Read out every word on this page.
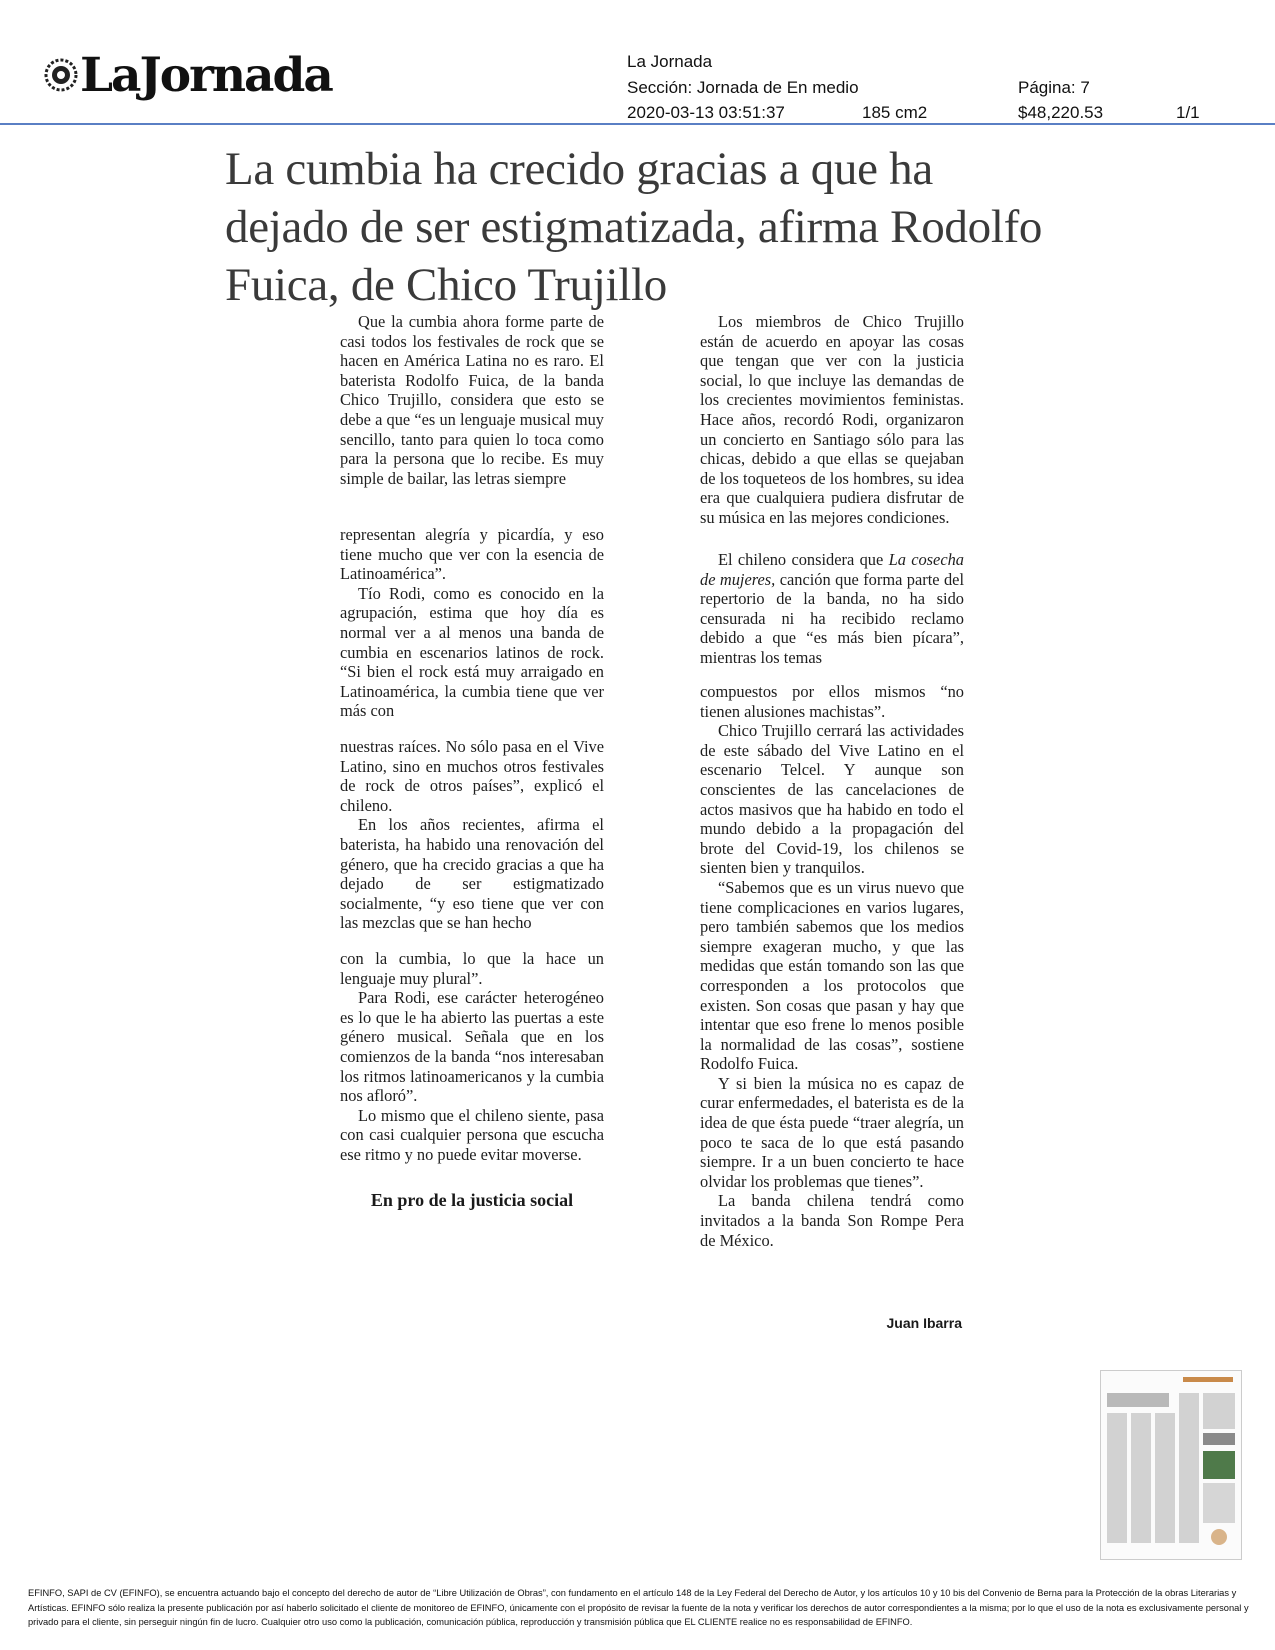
LaJornada	La Jornada
Sección: Jornada de En medio	Página: 7
2020-03-13 03:51:37	185 cm2	$48,220.53	1/1
La cumbia ha crecido gracias a que ha dejado de ser estigmatizada, afirma Rodolfo Fuica, de Chico Trujillo

Que la cumbia ahora forme parte de casi todos los festivales de rock que se hacen en América Latina no es raro. El baterista Rodolfo Fuica, de la banda Chico Trujillo, considera que esto se debe a que “es un lenguaje musical muy sencillo, tanto para quien lo toca como para la persona que lo recibe. Es muy simple de bailar, las letras siempre

representan alegría y picardía, y eso tiene mucho que ver con la esencia de Latinoamérica”.

Tío Rodi, como es conocido en la agrupación, estima que hoy día es normal ver a al menos una banda de cumbia en escenarios latinos de rock. “Si bien el rock está muy arraigado en Latinoamérica, la cumbia tiene que ver más con

nuestras raíces. No sólo pasa en el Vive Latino, sino en muchos otros festivales de rock de otros países”, explicó el chileno.

En los años recientes, afirma el baterista, ha habido una renovación del género, que ha crecido gracias a que ha dejado de ser estigmatizado socialmente, “y eso tiene que ver con las mezclas que se han hecho

con la cumbia, lo que la hace un lenguaje muy plural”.

Para Rodi, ese carácter heterogéneo es lo que le ha abierto las puertas a este género musical. Señala que en los comienzos de la banda “nos interesaban los ritmos latinoamericanos y la cumbia nos afloró”.

Lo mismo que el chileno siente, pasa con casi cualquier persona que escucha ese ritmo y no puede evitar moverse.

En pro de la justicia social

Los miembros de Chico Trujillo están de acuerdo en apoyar las cosas que tengan que ver con la justicia social, lo que incluye las demandas de los crecientes movimientos feministas. Hace años, recordó Rodi, organizaron un concierto en Santiago sólo para las chicas, debido a que ellas se quejaban de los toqueteos de los hombres, su idea era que cualquiera pudiera disfrutar de su música en las mejores condiciones.

El chileno considera que La cosecha de mujeres, canción que forma parte del repertorio de la banda, no ha sido censurada ni ha recibido reclamo debido a que “es más bien pícara”, mientras los temas

compuestos por ellos mismos “no tienen alusiones machistas”.

Chico Trujillo cerrará las actividades de este sábado del Vive Latino en el escenario Telcel. Y aunque son conscientes de las cancelaciones de actos masivos que ha habido en todo el mundo debido a la propagación del brote del Covid-19, los chilenos se sienten bien y tranquilos.

“Sabemos que es un virus nuevo que tiene complicaciones en varios lugares, pero también sabemos que los medios siempre exageran mucho, y que las medidas que están tomando son las que corresponden a los protocolos que existen. Son cosas que pasan y hay que intentar que eso frene lo menos posible la normalidad de las cosas”, sostiene Rodolfo Fuica.

Y si bien la música no es capaz de curar enfermedades, el baterista es de la idea de que ésta puede “traer alegría, un poco te saca de lo que está pasando siempre. Ir a un buen concierto te hace olvidar los problemas que tienes”.

La banda chilena tendrá como invitados a la banda Son Rompe Pera de México.

Juan Ibarra
EFINFO, SAPI de CV (EFINFO), se encuentra actuando bajo el concepto del derecho de autor de “Libre Utilización de Obras”, con fundamento en el artículo 148 de la Ley Federal del Derecho de Autor, y los artículos 10 y 10 bis del Convenio de Berna para la Protección de la obras Literarias y Artísticas. EFINFO sólo realiza la presente publicación por así haberlo solicitado el cliente de monitoreo de EFINFO, únicamente con el propósito de revisar la fuente de la nota y verificar los derechos de autor correspondientes a la misma; por lo que el uso de la nota es exclusivamente personal y privado para el cliente, sin perseguir ningún fin de lucro. Cualquier otro uso como la publicación, comunicación pública, reproducción y transmisión pública que EL CLIENTE realice no es responsabilidad de EFINFO.
